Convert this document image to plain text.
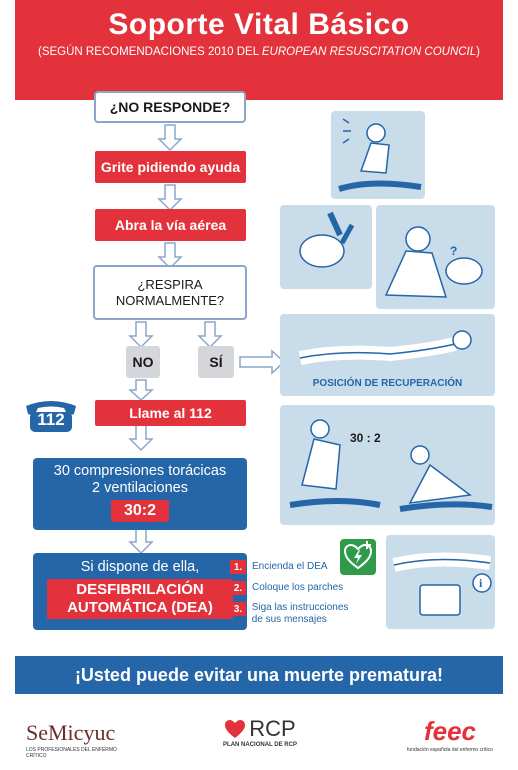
Soporte Vital Básico
(SEGÚN RECOMENDACIONES 2010 DEL EUROPEAN RESUSCITATION COUNCIL)
¿NO RESPONDE?
Grite pidiendo ayuda
Abra la vía aérea
¿RESPIRA
NORMALMENTE?
NO	SÍ
112	Llame al 112
30 compresiones torácicas
2 ventilaciones
30:2
Si dispone de ella,
DESFIBRILACIÓN
AUTOMÁTICA (DEA)
1. Encienda el DEA
2. Coloque los parches
3. Siga las instrucciones de sus mensajes
?
POSICIÓN DE RECUPERACIÓN
30 : 2
i
¡Usted puede evitar una muerte prematura!
SeMicyuc
LOS PROFESIONALES DEL ENFERMO CRÍTICO
RCP
PLAN NACIONAL DE RCP	feec
fundación española del enfermo crítico
